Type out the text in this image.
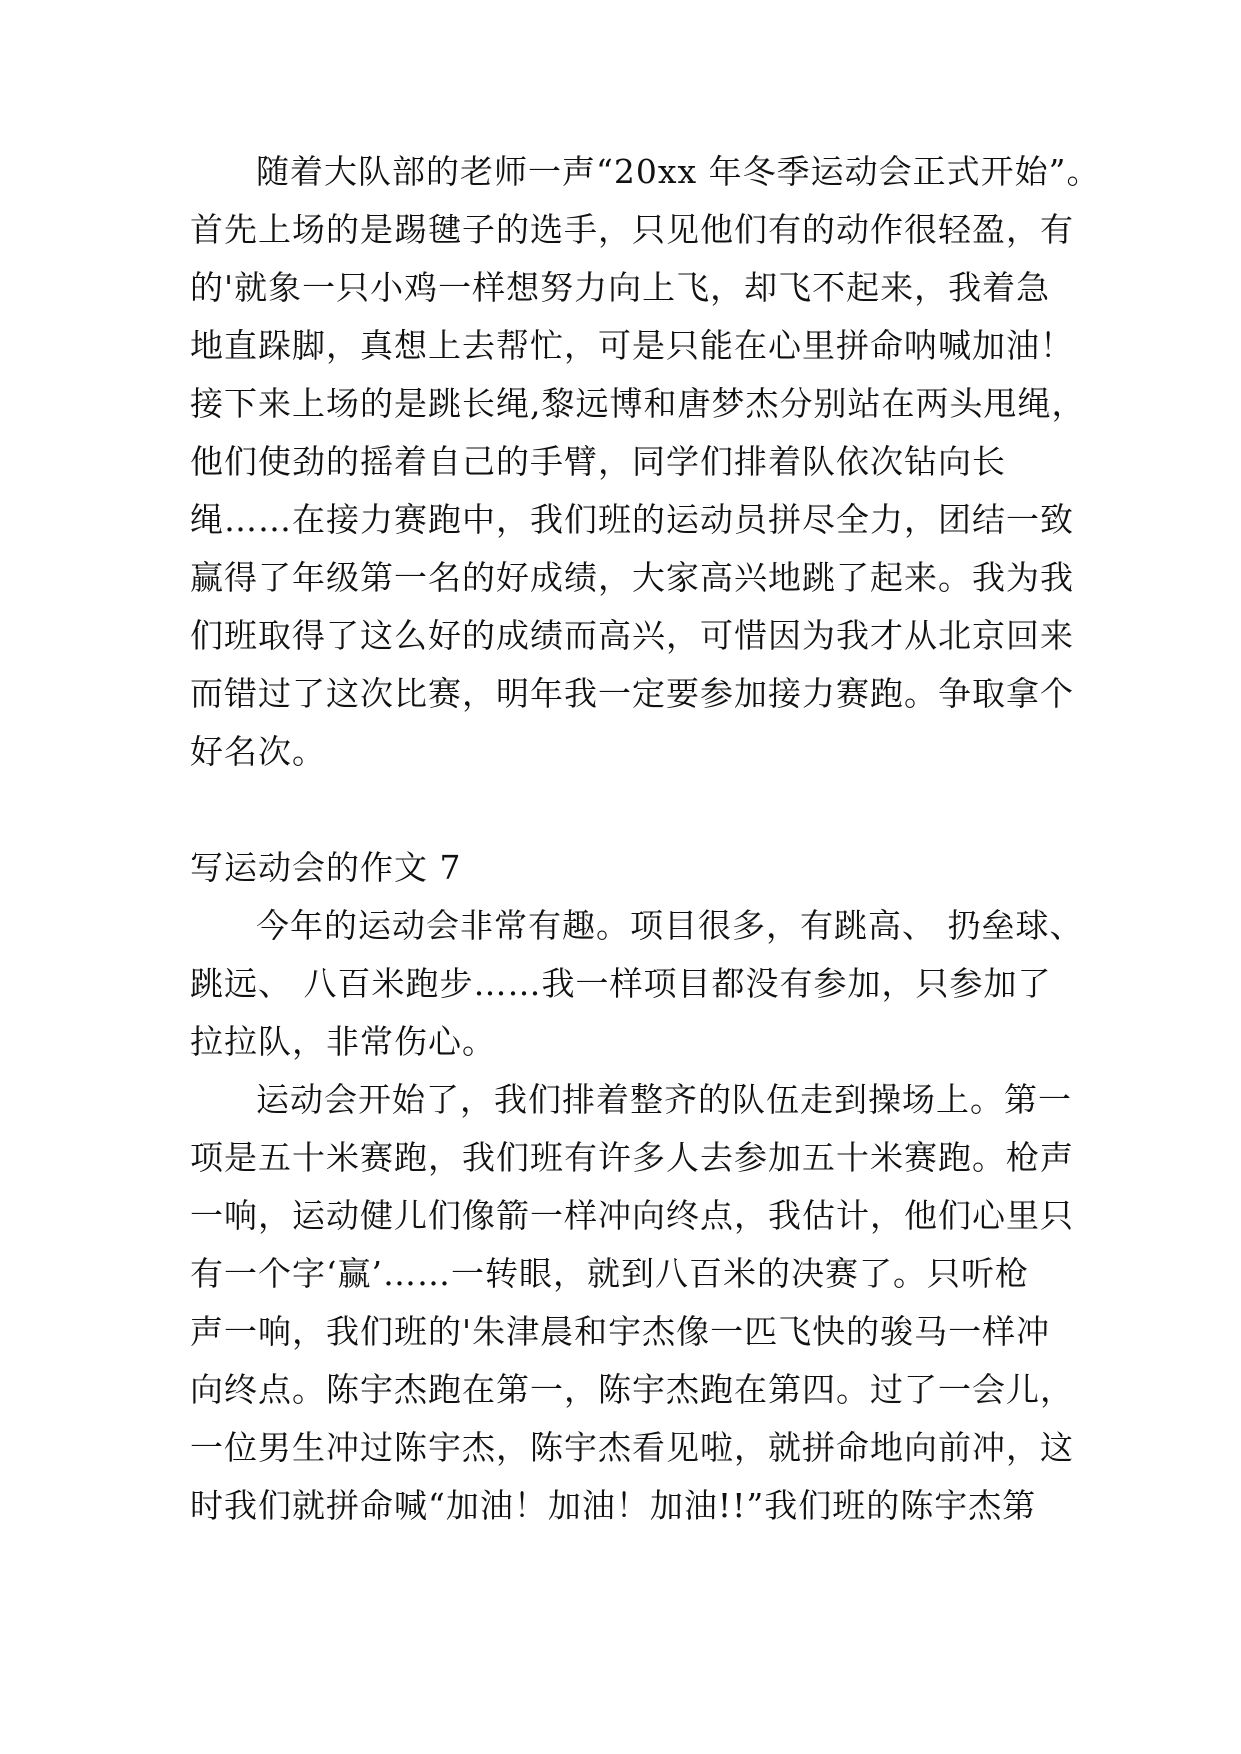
随着大队部的老师一声“20xx 年冬季运动会正式开始”。
首先上场的是踢毽子的选手，只见他们有的动作很轻盈，有
的'就象一只小鸡一样想努力向上飞，却飞不起来，我着急
地直跺脚，真想上去帮忙，可是只能在心里拼命呐喊加油！
接下来上场的是跳长绳,黎远博和唐梦杰分别站在两头甩绳，
他们使劲的摇着自己的手臂，同学们排着队依次钻向长
绳……在接力赛跑中，我们班的运动员拼尽全力，团结一致
赢得了年级第一名的好成绩，大家高兴地跳了起来。我为我
们班取得了这么好的成绩而高兴，可惜因为我才从北京回来
而错过了这次比赛，明年我一定要参加接力赛跑。争取拿个
好名次。
写运动会的作文 7
今年的运动会非常有趣。项目很多，有跳高、 扔垒球、
跳远、 八百米跑步……我一样项目都没有参加，只参加了
拉拉队，非常伤心。
运动会开始了，我们排着整齐的队伍走到操场上。第一
项是五十米赛跑，我们班有许多人去参加五十米赛跑。枪声
一响，运动健儿们像箭一样冲向终点，我估计，他们心里只
有一个字‘赢’……一转眼，就到八百米的决赛了。只听枪
声一响，我们班的'朱津晨和宇杰像一匹飞快的骏马一样冲
向终点。陈宇杰跑在第一，陈宇杰跑在第四。过了一会儿，
一位男生冲过陈宇杰，陈宇杰看见啦，就拼命地向前冲，这
时我们就拼命喊“加油！加油！加油!!”我们班的陈宇杰第
